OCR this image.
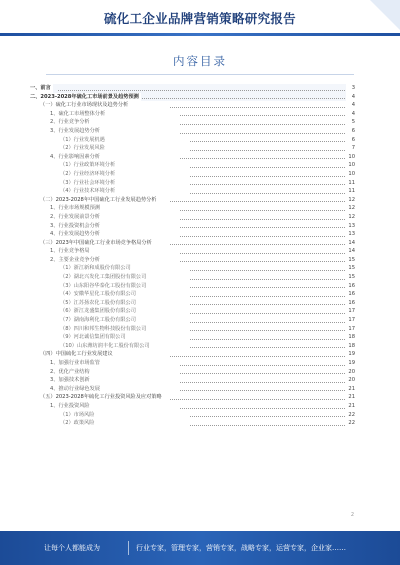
硫化工企业品牌营销策略研究报告
内容目录
一、前言	3
二、2023-2028年硫化工市场前景及趋势预测	4
（一）硫化工行业市场现状及趋势分析	4
1、硫化工市场整体分析	4
2、行业竞争分析	5
3、行业发展趋势分析	6
（1）行业发展机遇	6
（2）行业发展风险	7
4、行业影响因素分析	10
（1）行业政策环境分析	10
（2）行业经济环境分析	10
（3）行业社会环境分析	11
（4）行业技术环境分析	11
（二）2023-2028年中国硫化工行业发展趋势分析	12
1、行业市场规模预测	12
2、行业发展前景分析	12
3、行业投资机会分析	13
4、行业发展趋势分析	13
（三）2023年中国硫化工行业市场竞争格局分析	14
1、行业竞争格局	14
2、主要企业竞争分析	15
（1）浙江新和成股份有限公司	15
（2）湖北兴发化工集团股份有限公司	15
（3）山东阳谷华泰化工股份有限公司	16
（4）安徽华星化工股份有限公司	16
（5）江苏扬农化工股份有限公司	16
（6）浙江龙盛集团股份有限公司	17
（7）湖南海利化工股份有限公司	17
（8）四川和邦生物科技股份有限公司	17
（9）河北诚信集团有限公司	18
（10）山东潍坊润丰化工股份有限公司	18
（四）中国硫化工行业发展建议	19
1、加强行业市场监管	19
2、优化产业结构	20
3、加强技术创新	20
4、推动行业绿色发展	21
（五）2023-2028年硫化工行业投资风险及应对策略	21
1、行业投资风险	21
（1）市场风险	22
（2）政策风险	22
2
让每个人都能成为	行业专家，管理专家，营销专家，战略专家，运营专家，企业家……
